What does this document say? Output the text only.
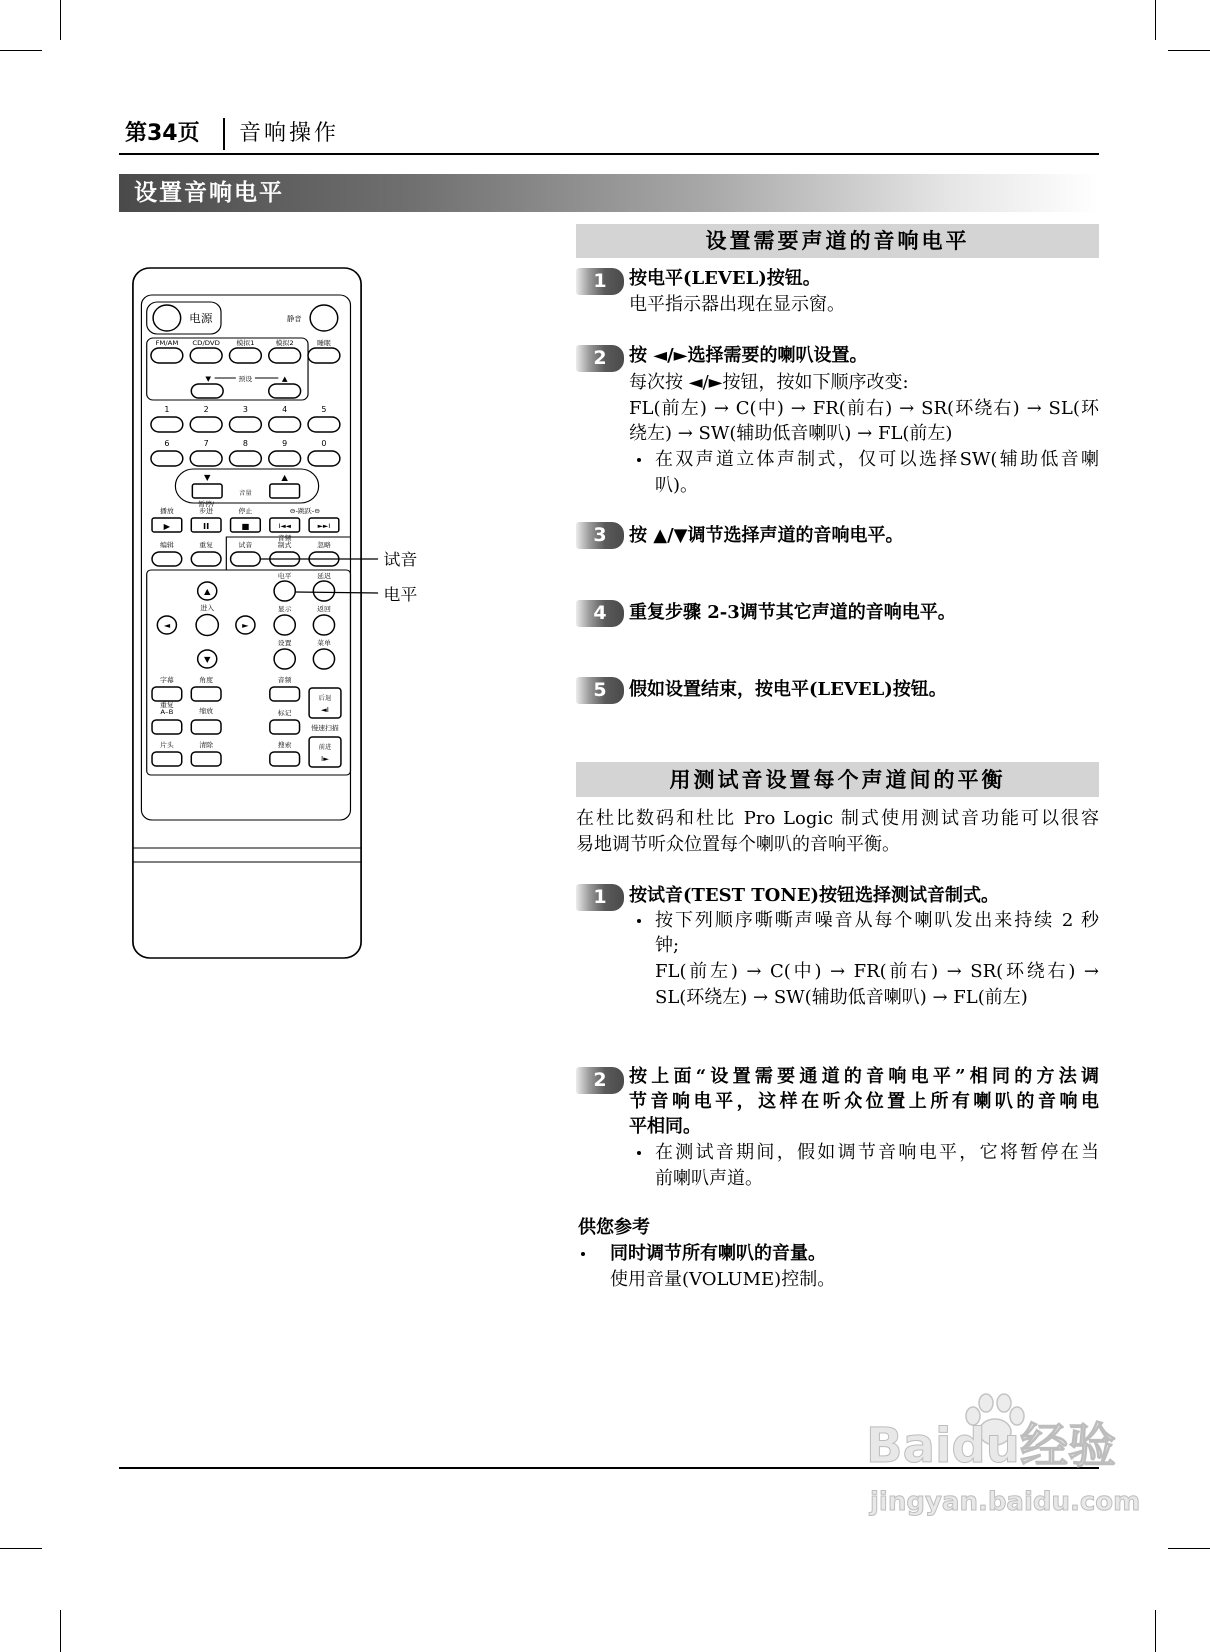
第34页 音响操作
设置音响电平
电源	静音
FM/AM CD/DVD	模拟1	模拟2	睡眠
▼	预设	▲
1	2	3	4	5
6	7	8	9	0
▼	▲
音量
播放
暂停/
步进	停止	⊖-跳跃-⊖
▶	II	■	I◄◄	►►I
编辑	重复	试音
音频
制式	忽略
电平	延迟
▲
进入	显示	返回
◄	►
设置	菜单
▼
字幕	角度	音频
后退
◄I
重复
A–B	缩放	标记
慢速扫描
前进
I►
片头	清除	搜索
试音
电平
设置需要声道的音响电平
1	按电平(LEVEL)按钮。
电平指示器出现在显示窗。
2	按 ◄/►选择需要的喇叭设置。
每次按 ◄/►按钮，按如下顺序改变:
FL(前左) → C(中) → FR(前右) → SR(环绕右) → SL(环
绕左) → SW(辅助低音喇叭) → FL(前左)
在双声道立体声制式，仅可以选择SW(辅助低音喇
叭)。
3	按 ▲/▼调节选择声道的音响电平。
4	重复步骤 2-3调节其它声道的音响电平。
5	假如设置结束，按电平(LEVEL)按钮。
用测试音设置每个声道间的平衡
在杜比数码和杜比 Pro Logic 制式使用测试音功能可以很容
易地调节听众位置每个喇叭的音响平衡。
1	按试音(TEST TONE)按钮选择测试音制式。
按下列顺序嘶嘶声噪音从每个喇叭发出来持续 2 秒
钟;
FL(前左) → C(中) → FR(前右) → SR(环绕右) →
SL(环绕左) → SW(辅助低音喇叭) → FL(前左)
2	按上面“设置需要通道的音响电平”相同的方法调
节音响电平，这样在听众位置上所有喇叭的音响电
平相同。
在测试音期间，假如调节音响电平，它将暂停在当
前喇叭声道。
供您参考
同时调节所有喇叭的音量。
使用音量(VOLUME)控制。
Baidu经验
jingyan.baidu.com
